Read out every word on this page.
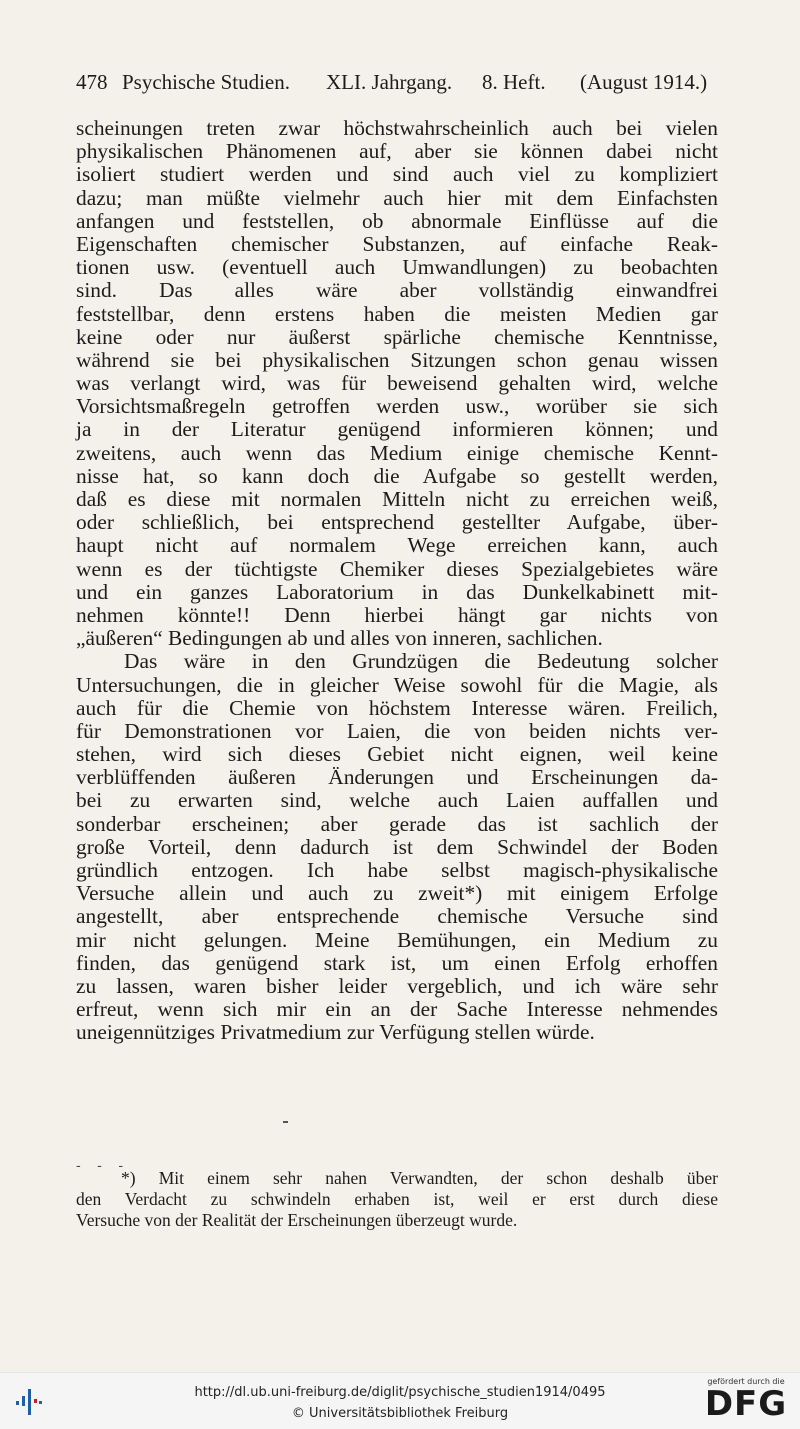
478 Psychische Studien. XLI. Jahrgang. 8. Heft. (August 1914.)
scheinungen treten zwar höchstwahrscheinlich auch bei vielen
physikalischen Phänomenen auf, aber sie können dabei nicht
isoliert studiert werden und sind auch viel zu kompliziert
dazu; man müßte vielmehr auch hier mit dem Einfachsten
anfangen und feststellen, ob abnormale Einflüsse auf die
Eigenschaften chemischer Substanzen, auf einfache Reak-
tionen usw. (eventuell auch Umwandlungen) zu beobachten
sind. Das alles wäre aber vollständig einwandfrei
feststellbar, denn erstens haben die meisten Medien gar
keine oder nur äußerst spärliche chemische Kenntnisse,
während sie bei physikalischen Sitzungen schon genau wissen
was verlangt wird, was für beweisend gehalten wird, welche
Vorsichtsmaßregeln getroffen werden usw., worüber sie sich
ja in der Literatur genügend informieren können; und
zweitens, auch wenn das Medium einige chemische Kennt-
nisse hat, so kann doch die Aufgabe so gestellt werden,
daß es diese mit normalen Mitteln nicht zu erreichen weiß,
oder schließlich, bei entsprechend gestellter Aufgabe, über-
haupt nicht auf normalem Wege erreichen kann, auch
wenn es der tüchtigste Chemiker dieses Spezialgebietes wäre
und ein ganzes Laboratorium in das Dunkelkabinett mit-
nehmen könnte!! Denn hierbei hängt gar nichts von
„äußeren“ Bedingungen ab und alles von inneren, sachlichen.
Das wäre in den Grundzügen die Bedeutung solcher
Untersuchungen, die in gleicher Weise sowohl für die Magie, als
auch für die Chemie von höchstem Interesse wären. Freilich,
für Demonstrationen vor Laien, die von beiden nichts ver-
stehen, wird sich dieses Gebiet nicht eignen, weil keine
verblüffenden äußeren Änderungen und Erscheinungen da-
bei zu erwarten sind, welche auch Laien auffallen und
sonderbar erscheinen; aber gerade das ist sachlich der
große Vorteil, denn dadurch ist dem Schwindel der Boden
gründlich entzogen. Ich habe selbst magisch-physikalische
Versuche allein und auch zu zweit*) mit einigem Erfolge
angestellt, aber entsprechende chemische Versuche sind
mir nicht gelungen. Meine Bemühungen, ein Medium zu
finden, das genügend stark ist, um einen Erfolg erhoffen
zu lassen, waren bisher leider vergeblich, und ich wäre sehr
erfreut, wenn sich mir ein an der Sache Interesse nehmendes
uneigennütziges Privatmedium zur Verfügung stellen würde.
- - -
*) Mit einem sehr nahen Verwandten, der schon deshalb über
den Verdacht zu schwindeln erhaben ist, weil er erst durch diese
Versuche von der Realität der Erscheinungen überzeugt wurde.
http://dl.ub.uni-freiburg.de/diglit/psychische_studien1914/0495
© Universitätsbibliothek Freiburg
gefördert durch die
DFG
